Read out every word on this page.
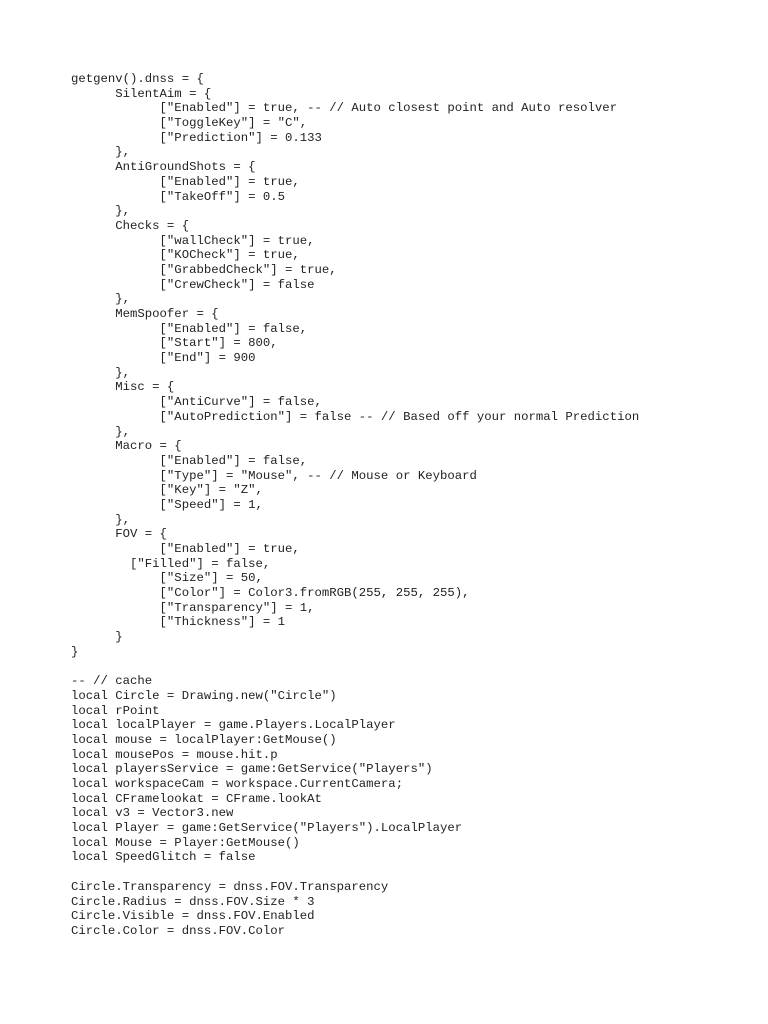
getgenv().dnss = {
SilentAim = {
["Enabled"] = true, -- // Auto closest point and Auto resolver
["ToggleKey"] = "C",
["Prediction"] = 0.133
},
AntiGroundShots = {
["Enabled"] = true,
["TakeOff"] = 0.5
},
Checks = {
["wallCheck"] = true,
["KOCheck"] = true,
["GrabbedCheck"] = true,
["CrewCheck"] = false
},
MemSpoofer = {
["Enabled"] = false,
["Start"] = 800,
["End"] = 900
},
Misc = {
["AntiCurve"] = false,
["AutoPrediction"] = false -- // Based off your normal Prediction
},
Macro = {
["Enabled"] = false,
["Type"] = "Mouse", -- // Mouse or Keyboard
["Key"] = "Z",
["Speed"] = 1,
},
FOV = {
["Enabled"] = true,
["Filled"] = false,
["Size"] = 50,
["Color"] = Color3.fromRGB(255, 255, 255),
["Transparency"] = 1,
["Thickness"] = 1
}
}
-- // cache
local Circle = Drawing.new("Circle")
local rPoint
local localPlayer = game.Players.LocalPlayer
local mouse = localPlayer:GetMouse()
local mousePos = mouse.hit.p
local playersService = game:GetService("Players")
local workspaceCam = workspace.CurrentCamera;
local CFramelookat = CFrame.lookAt
local v3 = Vector3.new
local Player = game:GetService("Players").LocalPlayer
local Mouse = Player:GetMouse()
local SpeedGlitch = false
Circle.Transparency = dnss.FOV.Transparency
Circle.Radius = dnss.FOV.Size * 3
Circle.Visible = dnss.FOV.Enabled
Circle.Color = dnss.FOV.Color
